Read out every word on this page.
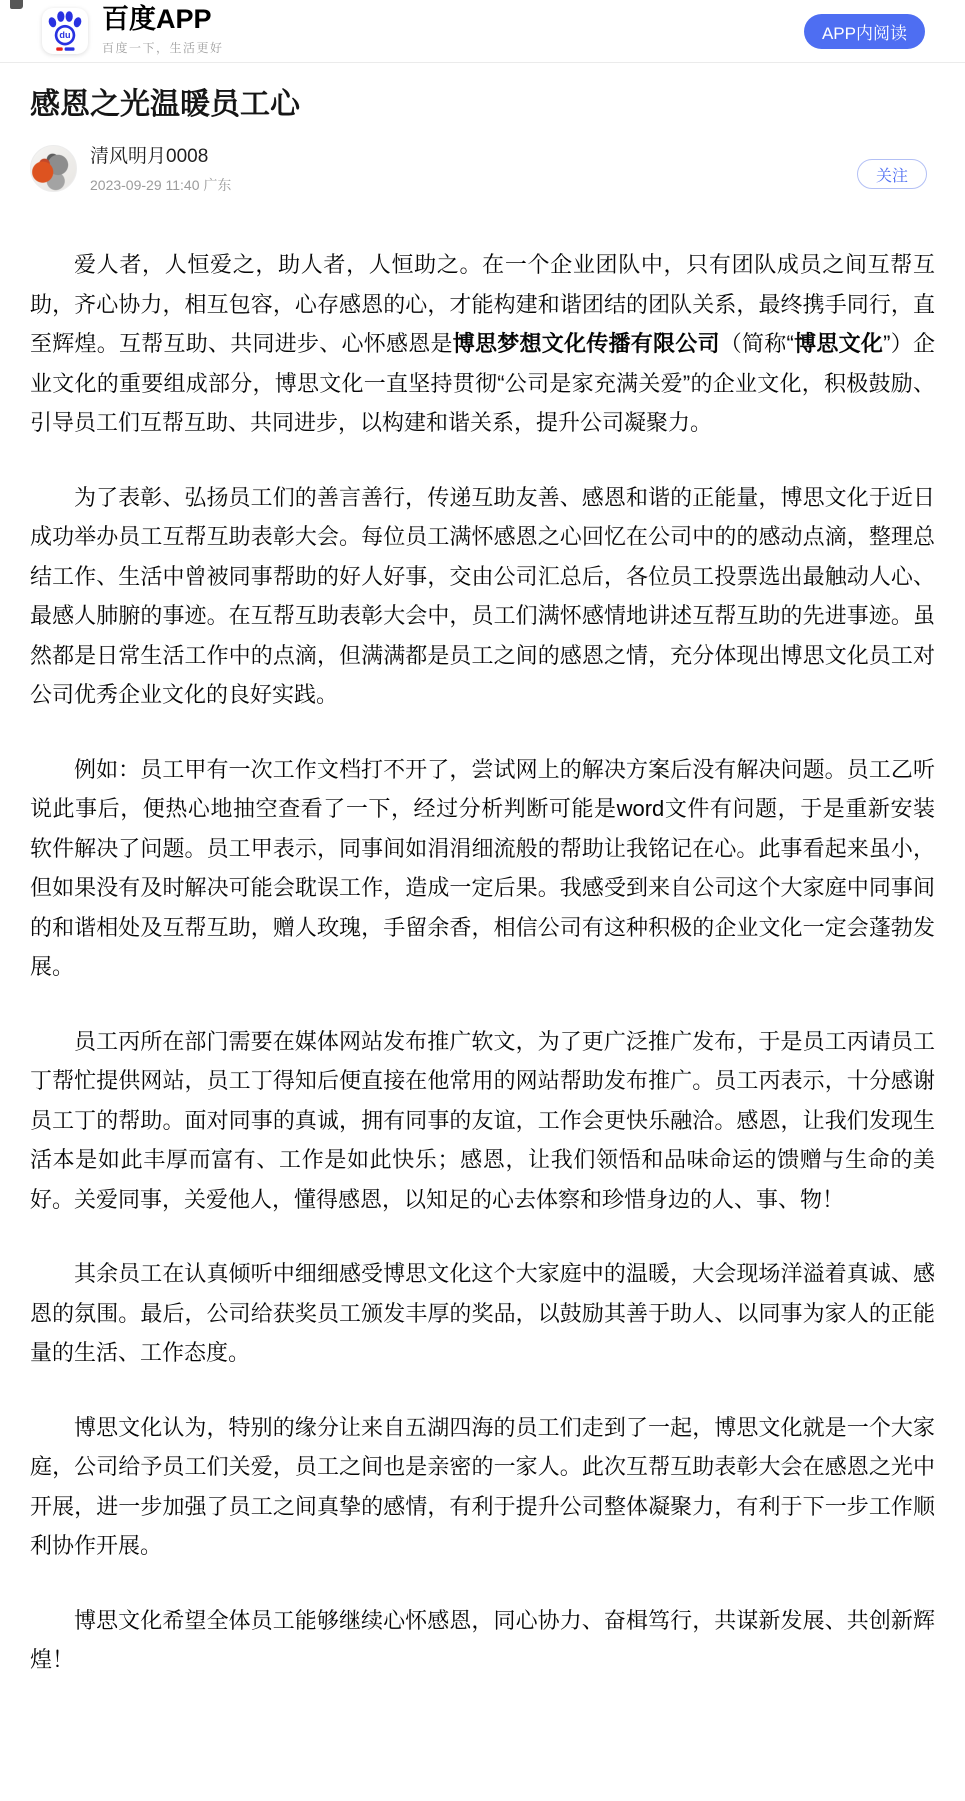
du
百度APP
百度一下，生活更好
APP内阅读
感恩之光温暖员工心
清风明月0008
2023-09-29 11:40 广东
关注

爱人者，人恒爱之，助人者，人恒助之。在一个企业团队中，只有团队成员之间互帮互助，齐心协力，相互包容，心存感恩的心，才能构建和谐团结的团队关系，最终携手同行，直至辉煌。互帮互助、共同进步、心怀感恩是博思梦想文化传播有限公司（简称“博思文化”）企业文化的重要组成部分，博思文化一直坚持贯彻“公司是家充满关爱”的企业文化，积极鼓励、引导员工们互帮互助、共同进步，以构建和谐关系，提升公司凝聚力。

为了表彰、弘扬员工们的善言善行，传递互助友善、感恩和谐的正能量，博思文化于近日成功举办员工互帮互助表彰大会。每位员工满怀感恩之心回忆在公司中的的感动点滴，整理总结工作、生活中曾被同事帮助的好人好事，交由公司汇总后，各位员工投票选出最触动人心、最感人肺腑的事迹。在互帮互助表彰大会中，员工们满怀感情地讲述互帮互助的先进事迹。虽然都是日常生活工作中的点滴，但满满都是员工之间的感恩之情，充分体现出博思文化员工对公司优秀企业文化的良好实践。

例如：员工甲有一次工作文档打不开了，尝试网上的解决方案后没有解决问题。员工乙听说此事后，便热心地抽空查看了一下，经过分析判断可能是word文件有问题，于是重新安装软件解决了问题。员工甲表示，同事间如涓涓细流般的帮助让我铭记在心。此事看起来虽小，但如果没有及时解决可能会耽误工作，造成一定后果。我感受到来自公司这个大家庭中同事间的和谐相处及互帮互助，赠人玫瑰，手留余香，相信公司有这种积极的企业文化一定会蓬勃发展。

员工丙所在部门需要在媒体网站发布推广软文，为了更广泛推广发布，于是员工丙请员工丁帮忙提供网站，员工丁得知后便直接在他常用的网站帮助发布推广。员工丙表示，十分感谢员工丁的帮助。面对同事的真诚，拥有同事的友谊，工作会更快乐融洽。感恩，让我们发现生活本是如此丰厚而富有、工作是如此快乐；感恩，让我们领悟和品味命运的馈赠与生命的美好。关爱同事，关爱他人，懂得感恩，以知足的心去体察和珍惜身边的人、事、物！

其余员工在认真倾听中细细感受博思文化这个大家庭中的温暖，大会现场洋溢着真诚、感恩的氛围。最后，公司给获奖员工颁发丰厚的奖品，以鼓励其善于助人、以同事为家人的正能量的生活、工作态度。

博思文化认为，特别的缘分让来自五湖四海的员工们走到了一起，博思文化就是一个大家庭，公司给予员工们关爱，员工之间也是亲密的一家人。此次互帮互助表彰大会在感恩之光中开展，进一步加强了员工之间真挚的感情，有利于提升公司整体凝聚力，有利于下一步工作顺利协作开展。

博思文化希望全体员工能够继续心怀感恩，同心协力、奋楫笃行，共谋新发展、共创新辉煌！
